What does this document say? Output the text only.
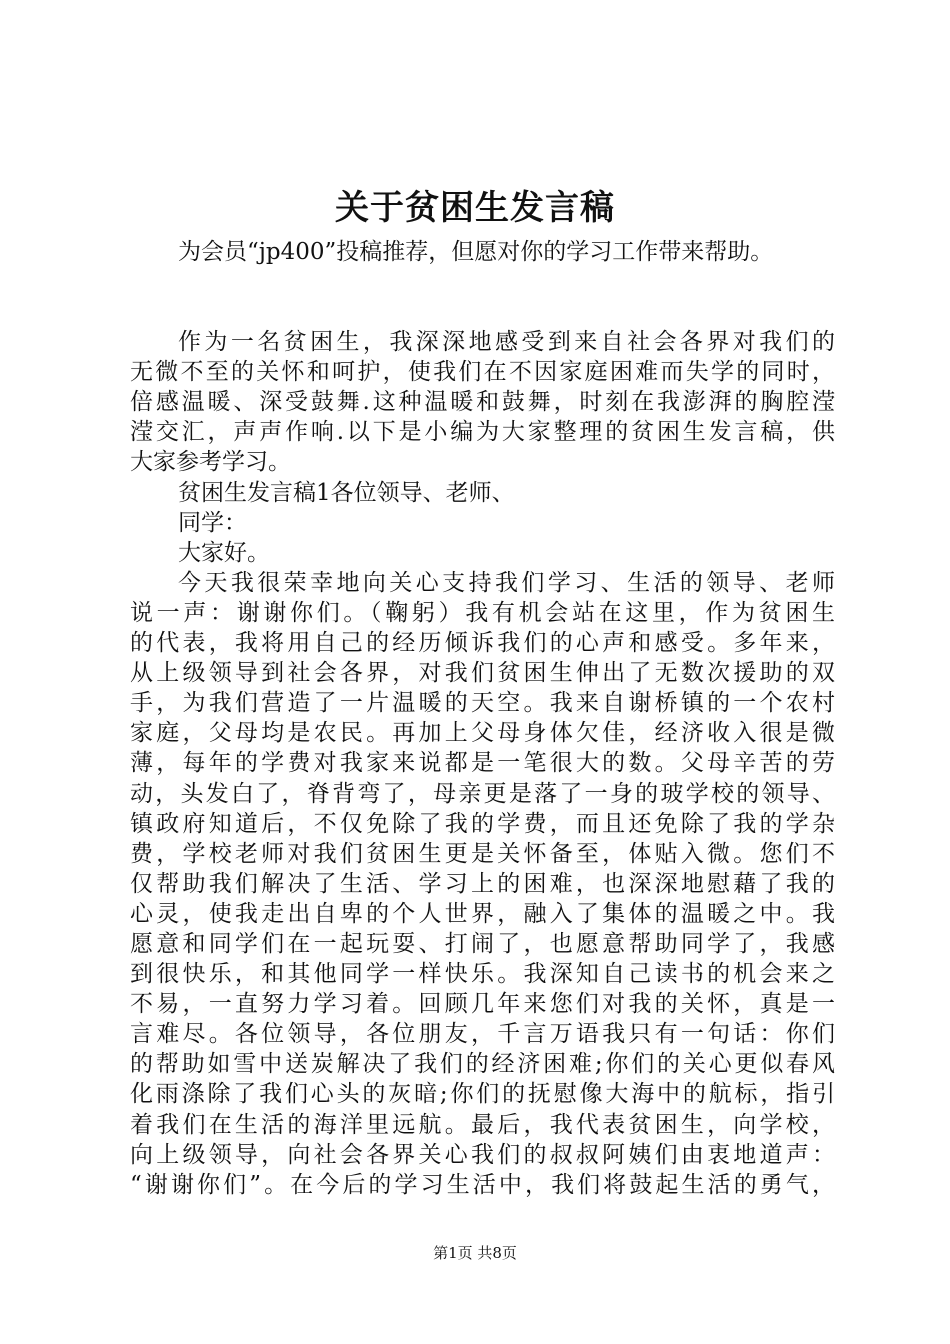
关于贫困生发言稿
为会员“jp400”投稿推荐，但愿对你的学习工作带来帮助。
作为一名贫困生，我深深地感受到来自社会各界对我们的
无微不至的关怀和呵护，使我们在不因家庭困难而失学的同时，
倍感温暖、深受鼓舞.这种温暖和鼓舞，时刻在我澎湃的胸腔滢
滢交汇，声声作响.以下是小编为大家整理的贫困生发言稿，供
大家参考学习。
贫困生发言稿1各位领导、老师、
同学：
大家好。
今天我很荣幸地向关心支持我们学习、生活的领导、老师
说一声：谢谢你们。（鞠躬）我有机会站在这里，作为贫困生
的代表，我将用自己的经历倾诉我们的心声和感受。多年来，
从上级领导到社会各界，对我们贫困生伸出了无数次援助的双
手，为我们营造了一片温暖的天空。我来自谢桥镇的一个农村
家庭，父母均是农民。再加上父母身体欠佳，经济收入很是微
薄，每年的学费对我家来说都是一笔很大的数。父母辛苦的劳
动，头发白了，脊背弯了，母亲更是落了一身的玻学校的领导、
镇政府知道后，不仅免除了我的学费，而且还免除了我的学杂
费，学校老师对我们贫困生更是关怀备至，体贴入微。您们不
仅帮助我们解决了生活、学习上的困难，也深深地慰藉了我的
心灵，使我走出自卑的个人世界，融入了集体的温暖之中。我
愿意和同学们在一起玩耍、打闹了，也愿意帮助同学了，我感
到很快乐，和其他同学一样快乐。我深知自己读书的机会来之
不易，一直努力学习着。回顾几年来您们对我的关怀，真是一
言难尽。各位领导，各位朋友，千言万语我只有一句话：你们
的帮助如雪中送炭解决了我们的经济困难;你们的关心更似春风
化雨涤除了我们心头的灰暗;你们的抚慰像大海中的航标，指引
着我们在生活的海洋里远航。最后，我代表贫困生，向学校，
向上级领导，向社会各界关心我们的叔叔阿姨们由衷地道声：
“谢谢你们”。在今后的学习生活中，我们将鼓起生活的勇气，
第1页 共8页
